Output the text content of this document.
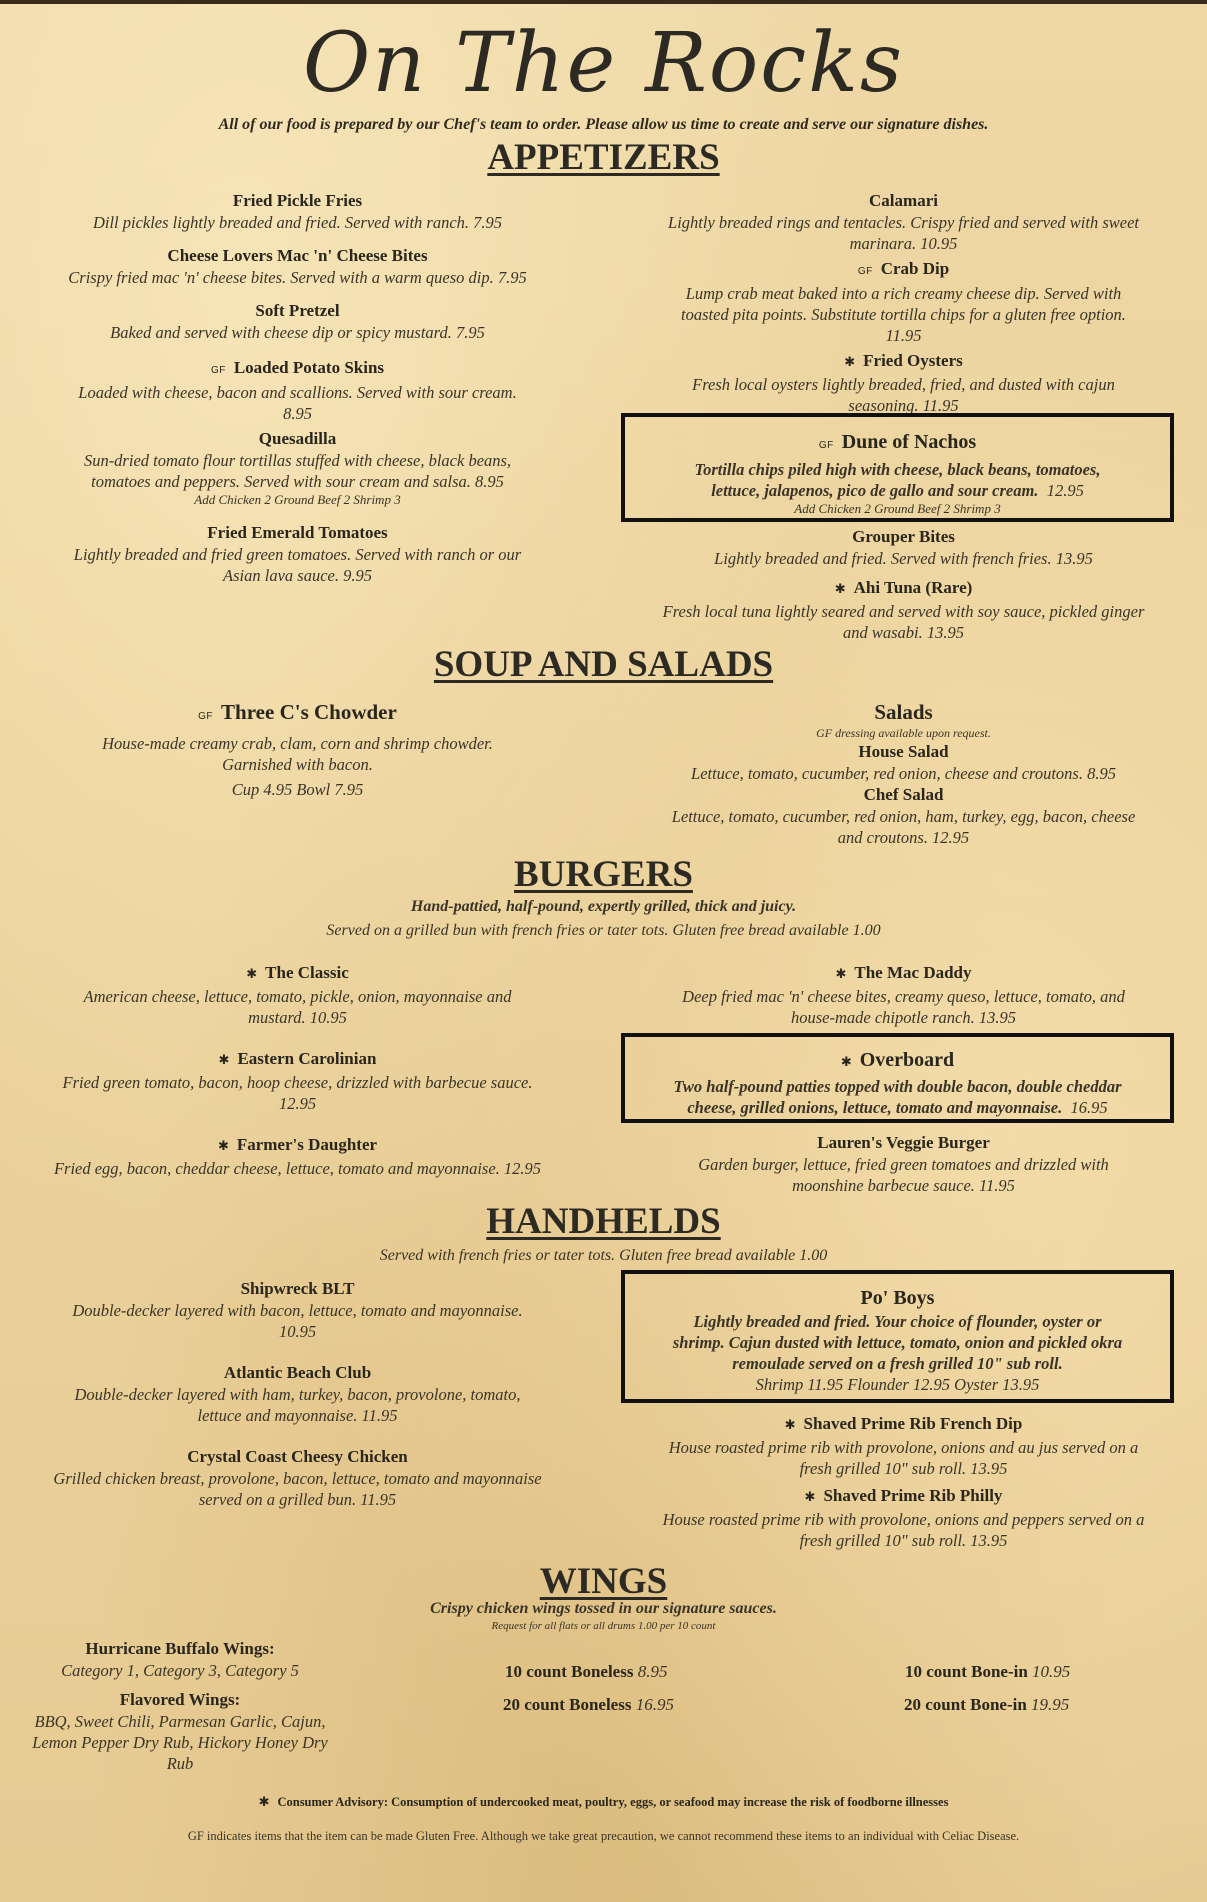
On The Rocks
All of our food is prepared by our Chef's team to order. Please allow us time to create and serve our signature dishes.
APPETIZERS
Fried Pickle Fries
Dill pickles lightly breaded and fried. Served with ranch. 7.95
Cheese Lovers Mac 'n' Cheese Bites
Crispy fried mac 'n' cheese bites. Served with a warm queso dip. 7.95
Soft Pretzel
Baked and served with cheese dip or spicy mustard. 7.95
GF Loaded Potato Skins
Loaded with cheese, bacon and scallions. Served with sour cream.
8.95
Quesadilla
Sun-dried tomato flour tortillas stuffed with cheese, black beans,
tomatoes and peppers. Served with sour cream and salsa. 8.95
Add Chicken 2 Ground Beef 2 Shrimp 3
Fried Emerald Tomatoes
Lightly breaded and fried green tomatoes. Served with ranch or our
Asian lava sauce. 9.95
Calamari
Lightly breaded rings and tentacles. Crispy fried and served with sweet
marinara. 10.95
GF Crab Dip
Lump crab meat baked into a rich creamy cheese dip. Served with
toasted pita points. Substitute tortilla chips for a gluten free option.
11.95
✱ Fried Oysters
Fresh local oysters lightly breaded, fried, and dusted with cajun
seasoning. 11.95
GF Dune of Nachos
Tortilla chips piled high with cheese, black beans, tomatoes,
lettuce, jalapenos, pico de gallo and sour cream. 12.95
Add Chicken 2 Ground Beef 2 Shrimp 3
Grouper Bites
Lightly breaded and fried. Served with french fries. 13.95
✱ Ahi Tuna (Rare)
Fresh local tuna lightly seared and served with soy sauce, pickled ginger
and wasabi. 13.95
SOUP AND SALADS
GF Three C's Chowder
House-made creamy crab, clam, corn and shrimp chowder.
Garnished with bacon.
Cup 4.95 Bowl 7.95
Salads
GF dressing available upon request.
House Salad
Lettuce, tomato, cucumber, red onion, cheese and croutons. 8.95
Chef Salad
Lettuce, tomato, cucumber, red onion, ham, turkey, egg, bacon, cheese
and croutons. 12.95
BURGERS
Hand-pattied, half-pound, expertly grilled, thick and juicy.
Served on a grilled bun with french fries or tater tots. Gluten free bread available 1.00
✱ The Classic
American cheese, lettuce, tomato, pickle, onion, mayonnaise and
mustard. 10.95
✱ Eastern Carolinian
Fried green tomato, bacon, hoop cheese, drizzled with barbecue sauce.
12.95
✱ Farmer's Daughter
Fried egg, bacon, cheddar cheese, lettuce, tomato and mayonnaise. 12.95
✱ The Mac Daddy
Deep fried mac 'n' cheese bites, creamy queso, lettuce, tomato, and
house-made chipotle ranch. 13.95
✱ Overboard
Two half-pound patties topped with double bacon, double cheddar
cheese, grilled onions, lettuce, tomato and mayonnaise. 16.95
Lauren's Veggie Burger
Garden burger, lettuce, fried green tomatoes and drizzled with
moonshine barbecue sauce. 11.95
HANDHELDS
Served with french fries or tater tots. Gluten free bread available 1.00
Shipwreck BLT
Double-decker layered with bacon, lettuce, tomato and mayonnaise.
10.95
Atlantic Beach Club
Double-decker layered with ham, turkey, bacon, provolone, tomato,
lettuce and mayonnaise. 11.95
Crystal Coast Cheesy Chicken
Grilled chicken breast, provolone, bacon, lettuce, tomato and mayonnaise
served on a grilled bun. 11.95
Po' Boys
Lightly breaded and fried. Your choice of flounder, oyster or
shrimp. Cajun dusted with lettuce, tomato, onion and pickled okra
remoulade served on a fresh grilled 10" sub roll.
Shrimp 11.95 Flounder 12.95 Oyster 13.95
✱ Shaved Prime Rib French Dip
House roasted prime rib with provolone, onions and au jus served on a
fresh grilled 10" sub roll. 13.95
✱ Shaved Prime Rib Philly
House roasted prime rib with provolone, onions and peppers served on a
fresh grilled 10" sub roll. 13.95
WINGS
Crispy chicken wings tossed in our signature sauces.
Request for all flats or all drums 1.00 per 10 count
Hurricane Buffalo Wings:
Category 1, Category 3, Category 5
Flavored Wings:
BBQ, Sweet Chili, Parmesan Garlic, Cajun,
Lemon Pepper Dry Rub, Hickory Honey Dry
Rub
10 count Boneless 8.95
20 count Boneless 16.95
10 count Bone-in 10.95
20 count Bone-in 19.95
✱ Consumer Advisory: Consumption of undercooked meat, poultry, eggs, or seafood may increase the risk of foodborne illnesses
GF indicates items that the item can be made Gluten Free. Although we take great precaution, we cannot recommend these items to an individual with Celiac Disease.
